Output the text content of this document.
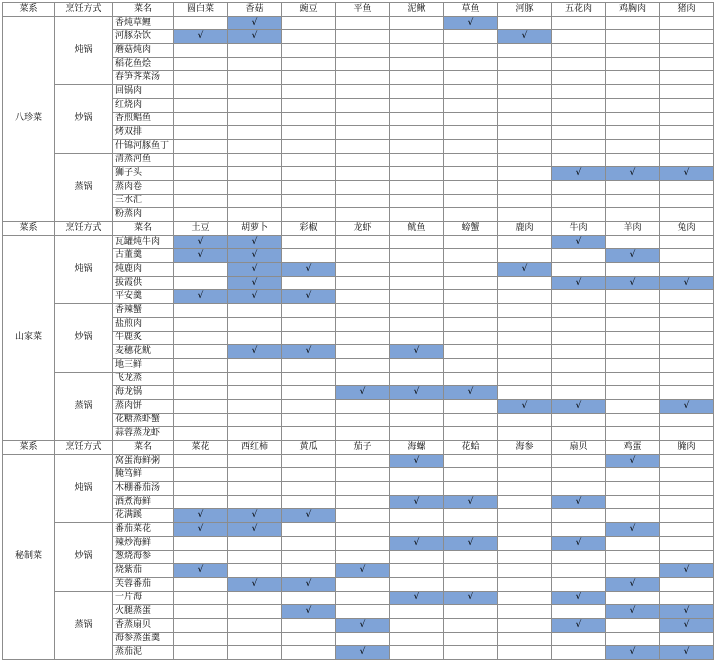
菜系	烹饪方式	菜名	圆白菜	香菇	豌豆	平鱼	泥鳅	草鱼	河豚	五花肉	鸡胸肉	猪肉
八珍菜	炖锅	香炖草鲤		√				√				
		河豚杂饮	√	√					√			
		蘑菇炖肉										
		稻花鱼烩										
		春笋荠菜汤										
	炒锅	回锅肉										
		红烧肉										
		香煎鲳鱼										
		烤双排										
		什锦河豚鱼丁										
	蒸锅	清蒸河鱼										
		狮子头								√	√	√
		蒸肉卷										
		三水汇										
		粉蒸肉										
菜系	烹饪方式	菜名	土豆	胡萝卜	彩椒	龙虾	鱿鱼	螃蟹	鹿肉	牛肉	羊肉	兔肉
山家菜	炖锅	瓦罐炖牛肉	√	√						√		
		古董羹	√	√							√	
		炖鹿肉		√	√				√			
		拔霞供		√						√	√	√
		平安羹	√	√	√							
	炒锅	香辣蟹										
		盐煎肉										
		牛鹿炙										
		麦穗花鱿		√	√		√					
		地三鲜										
	蒸锅	飞龙蒸										
		海龙锅				√	√	√				
		蒸肉饼							√	√		√
		花糖蒸虾蟹										
		蒜蓉蒸龙虾										
菜系	烹饪方式	菜名	菜花	西红柿	黄瓜	茄子	海螺	花蛤	海参	扇贝	鸡蛋	腌肉
秘制菜	炖锅	窝蛋海鲜粥					√				√	
		腌笃鲜										
		木棚番茄汤										
		酒煮海鲜					√	√		√		
		花满蹊	√	√	√							
	炒锅	番茄菜花	√	√							√	
		辣炒海鲜					√	√		√		
		葱烧海参										
		烧紫茄	√			√						√
		芙蓉番茄		√	√						√	
	蒸锅	一片海					√	√		√		
		火腿蒸蛋			√						√	√
		香蒸扇贝				√				√		√
		海参蒸蛋羹										
		蒸茄泥				√					√	√
